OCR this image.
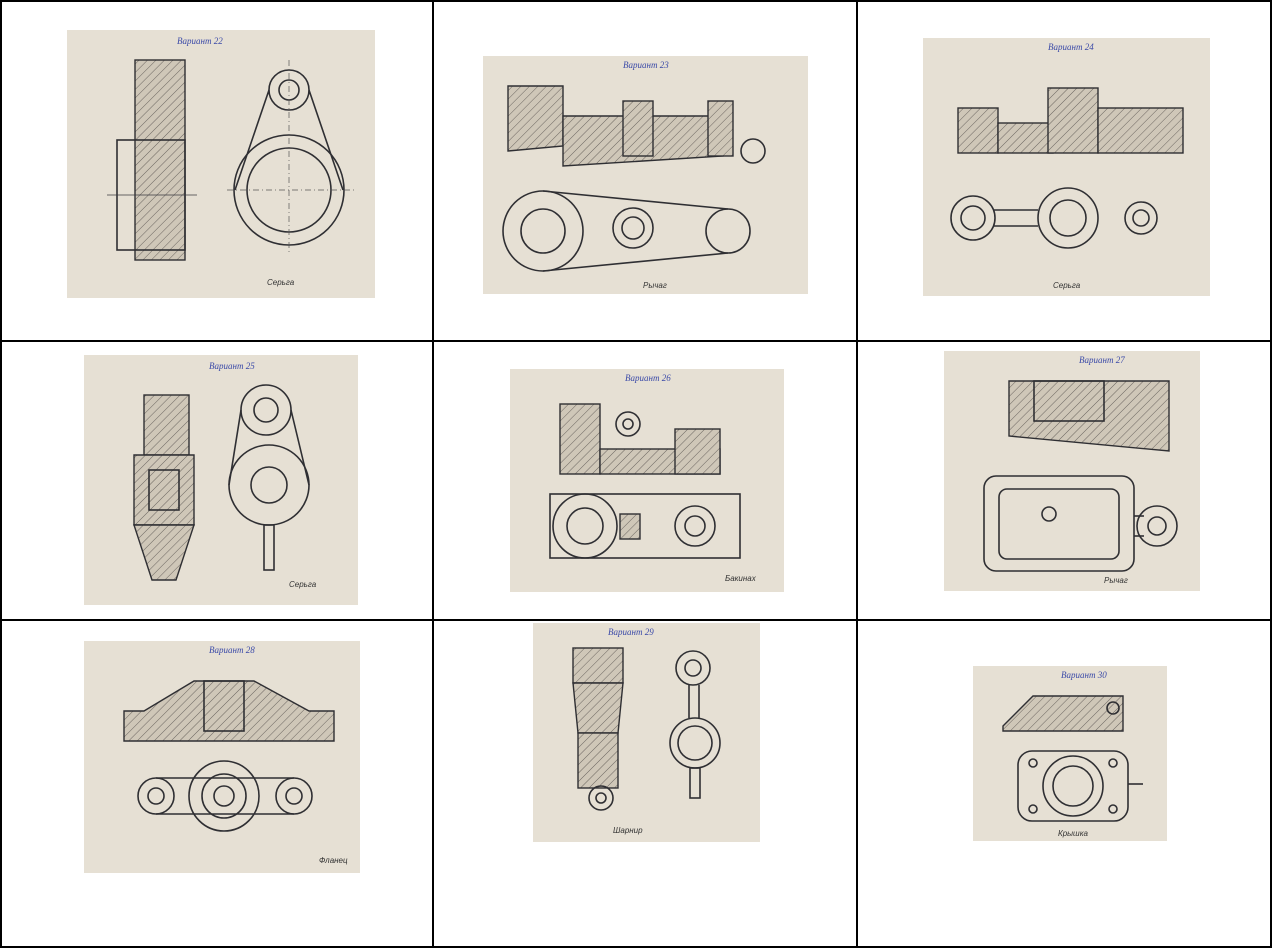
Вариант 22
Серьга
Вариант 23
Рычаг
Вариант 24
Серьга
Вариант 25
Серьга
Вариант 26
Бакинах
Вариант 27
Рычаг
Вариант 28
Фланец
Вариант 29
Шарнир
Вариант 30
Крышка
